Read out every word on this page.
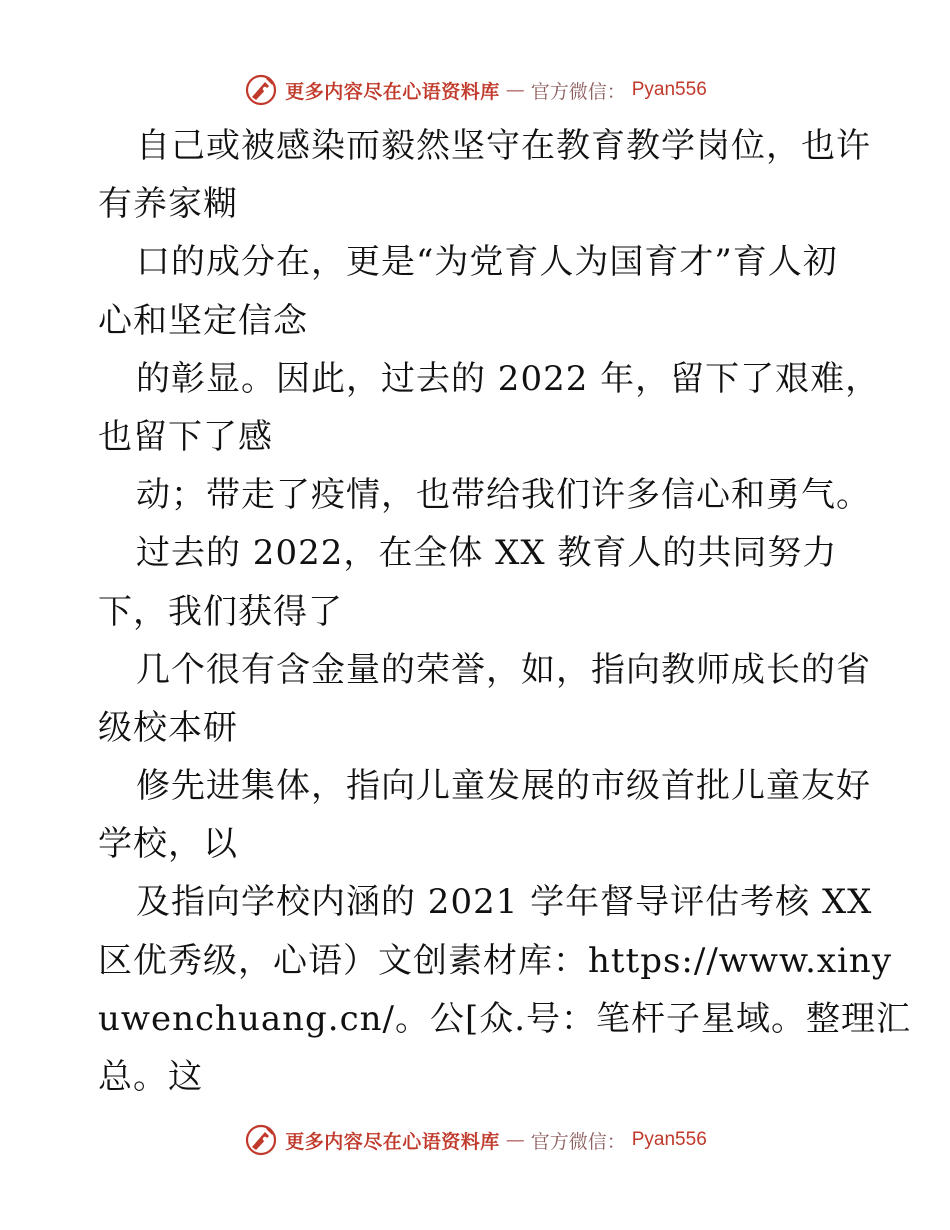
更多内容尽在心语资料库 — 官方微信： Pyan556
自己或被感染而毅然坚守在教育教学岗位，也许
有养家糊
口的成分在，更是“为党育人为国育才”育人初
心和坚定信念
的彰显。因此，过去的 2022 年，留下了艰难，
也留下了感
动；带走了疫情，也带给我们许多信心和勇气。
过去的 2022，在全体 XX 教育人的共同努力
下，我们获得了
几个很有含金量的荣誉，如，指向教师成长的省
级校本研
修先进集体，指向儿童发展的市级首批儿童友好
学校，以
及指向学校内涵的 2021 学年督导评估考核 XX
区优秀级，心语）文创素材库：https://www.xiny
uwenchuang.cn/。公[众.号：笔杆子星域。整理汇
总。这
更多内容尽在心语资料库 — 官方微信： Pyan556
